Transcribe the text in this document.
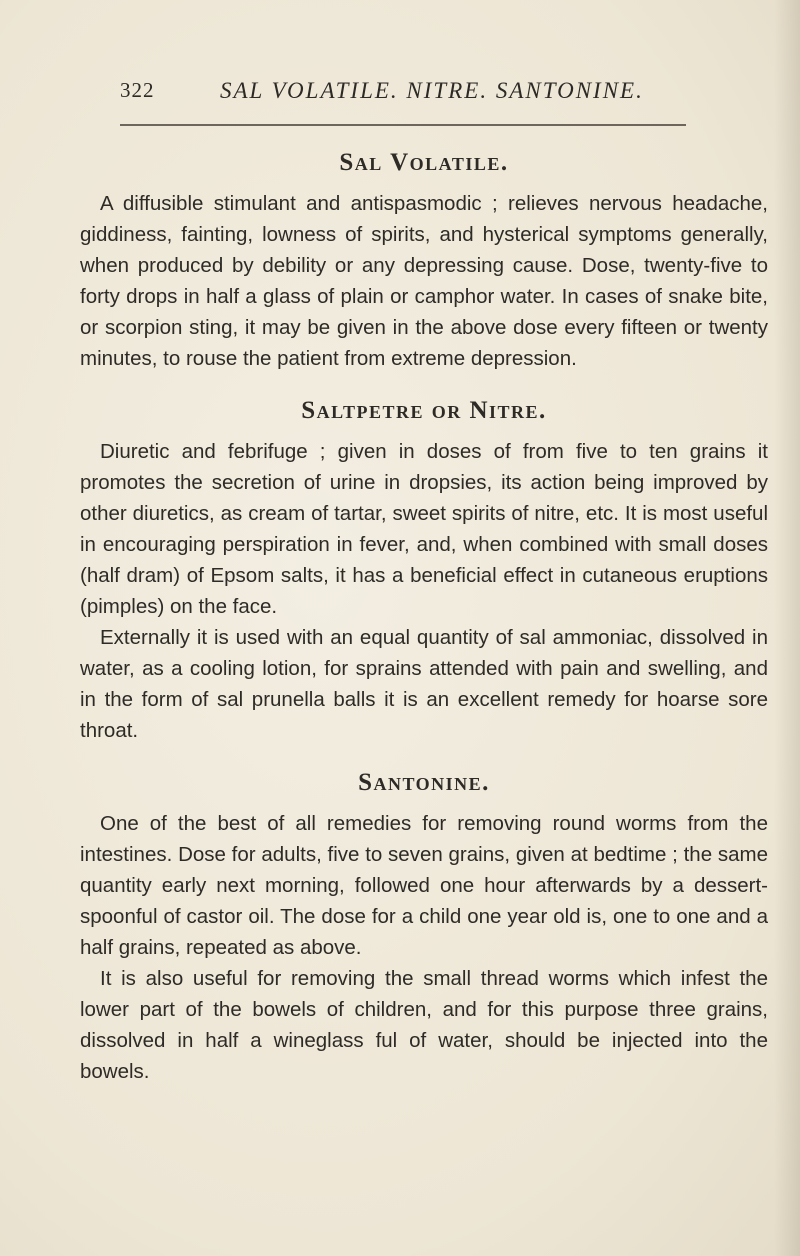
322	SAL VOLATILE. NITRE. SANTONINE.
Sal Volatile.

A diffusible stimulant and antispasmodic ; relieves nervous headache, giddiness, fainting, lowness of spirits, and hysterical symptoms generally, when produced by debility or any depressing cause. Dose, twenty-five to forty drops in half a glass of plain or camphor water. In cases of snake bite, or scorpion sting, it may be given in the above dose every fifteen or twenty minutes, to rouse the patient from extreme depression.

Saltpetre or Nitre.

Diuretic and febrifuge ; given in doses of from five to ten grains it promotes the secretion of urine in dropsies, its action being improved by other diuretics, as cream of tartar, sweet spirits of nitre, etc. It is most useful in encouraging perspiration in fever, and, when combined with small doses (half dram) of Epsom salts, it has a beneficial effect in cutaneous eruptions (pimples) on the face.

Externally it is used with an equal quantity of sal ammoniac, dissolved in water, as a cooling lotion, for sprains attended with pain and swelling, and in the form of sal prunella balls it is an excellent remedy for hoarse sore throat.

Santonine.

One of the best of all remedies for removing round worms from the intestines. Dose for adults, five to seven grains, given at bedtime ; the same quantity early next morning, followed one hour afterwards by a dessert-spoonful of castor oil. The dose for a child one year old is, one to one and a half grains, repeated as above.

It is also useful for removing the small thread worms which infest the lower part of the bowels of children, and for this purpose three grains, dissolved in half a wineglass ful of water, should be injected into the bowels.
